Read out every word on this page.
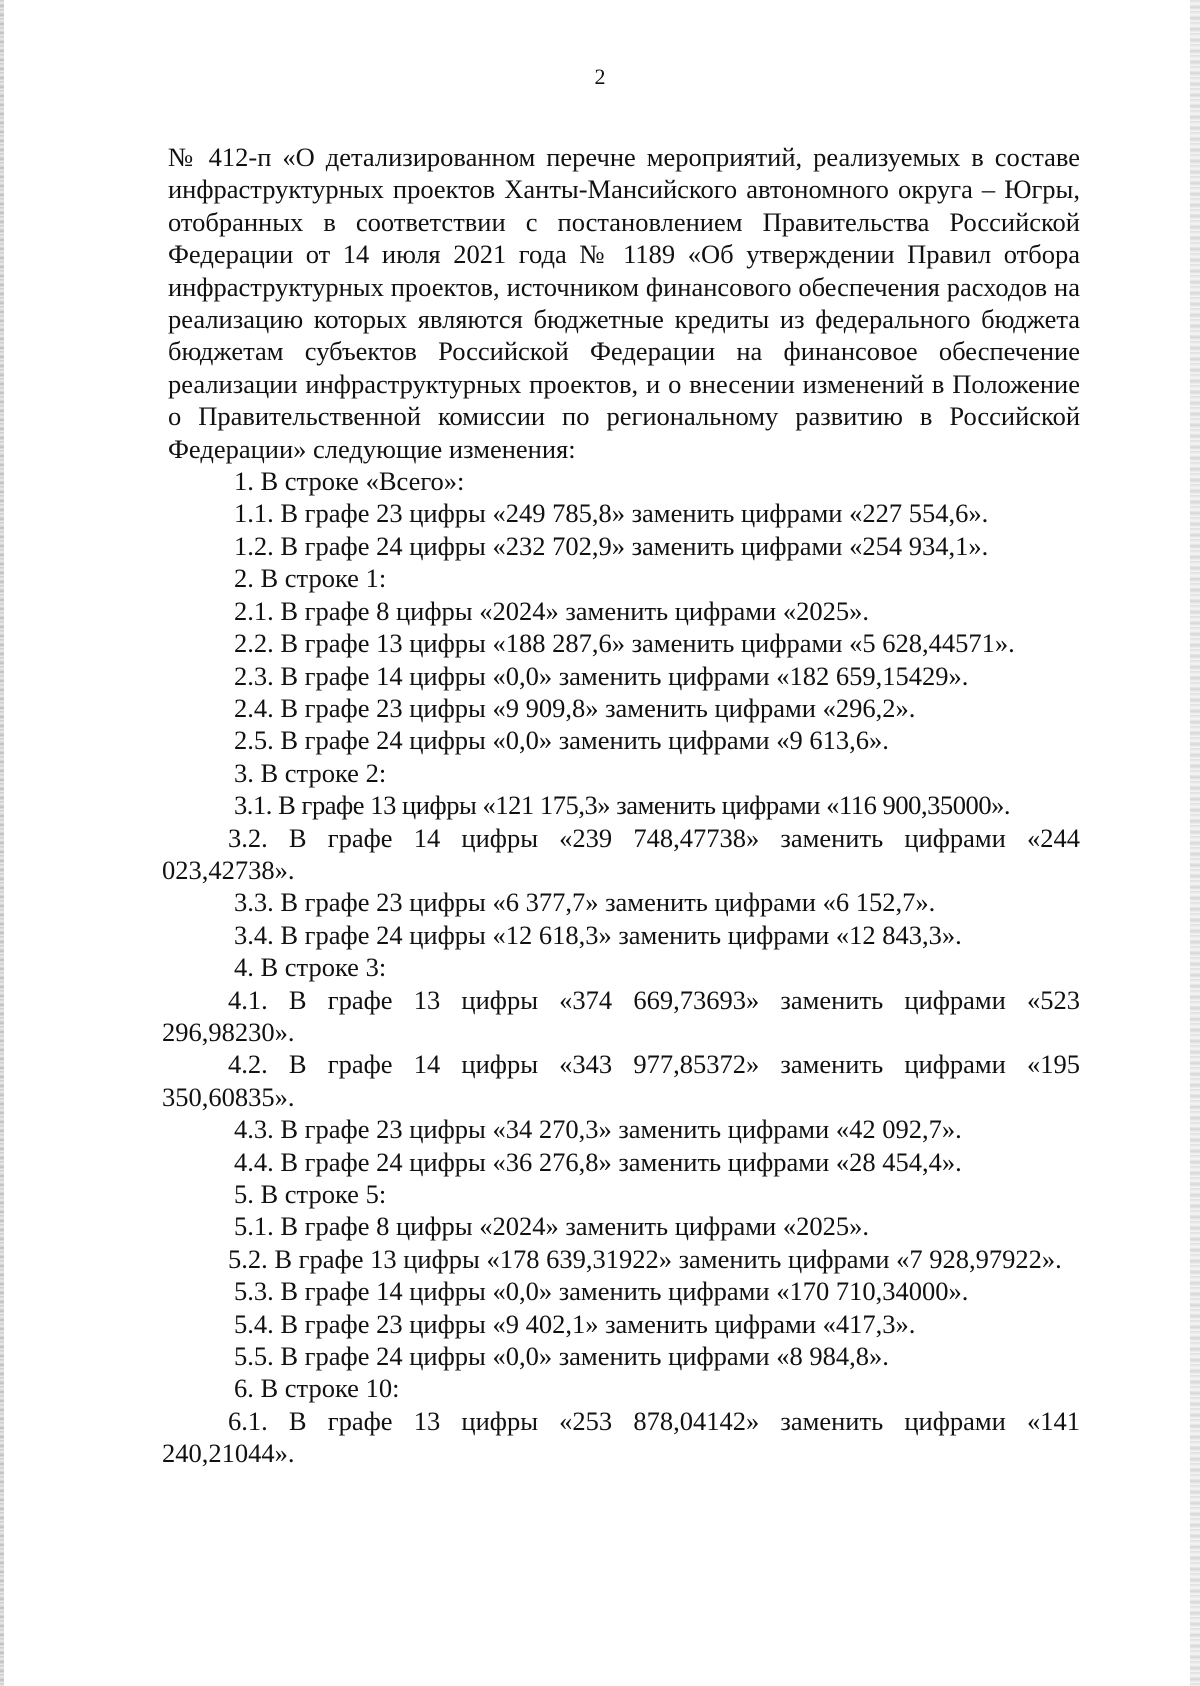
2
№ 412-п «О детализированном перечне мероприятий, реализуемых в составе инфраструктурных проектов Ханты-Мансийского автономного округа – Югры, отобранных в соответствии с постановлением Правительства Российской Федерации от 14 июля 2021 года № 1189 «Об утверждении Правил отбора инфраструктурных проектов, источником финансового обеспечения расходов на реализацию которых являются бюджетные кредиты из федерального бюджета бюджетам субъектов Российской Федерации на финансовое обеспечение реализации инфраструктурных проектов, и о внесении изменений в Положение о Правительственной комиссии по региональному развитию в Российской Федерации» следующие изменения:
1. В строке «Всего»:
1.1. В графе 23 цифры «249 785,8» заменить цифрами «227 554,6».
1.2. В графе 24 цифры «232 702,9» заменить цифрами «254 934,1».
2. В строке 1:
2.1. В графе 8 цифры «2024» заменить цифрами «2025».
2.2. В графе 13 цифры «188 287,6» заменить цифрами «5 628,44571».
2.3. В графе 14 цифры «0,0» заменить цифрами «182 659,15429».
2.4. В графе 23 цифры «9 909,8» заменить цифрами «296,2».
2.5. В графе 24 цифры «0,0» заменить цифрами «9 613,6».
3. В строке 2:
3.1. В графе 13 цифры «121 175,3» заменить цифрами «116 900,35000».
3.2. В графе 14 цифры «239 748,47738» заменить цифрами «244 023,42738».
3.3. В графе 23 цифры «6 377,7» заменить цифрами «6 152,7».
3.4. В графе 24 цифры «12 618,3» заменить цифрами «12 843,3».
4. В строке 3:
4.1. В графе 13 цифры «374 669,73693» заменить цифрами «523 296,98230».
4.2. В графе 14 цифры «343 977,85372» заменить цифрами «195 350,60835».
4.3. В графе 23 цифры «34 270,3» заменить цифрами «42 092,7».
4.4. В графе 24 цифры «36 276,8» заменить цифрами «28 454,4».
5. В строке 5:
5.1. В графе 8 цифры «2024» заменить цифрами «2025».
5.2. В графе 13 цифры «178 639,31922» заменить цифрами «7 928,97922».
5.3. В графе 14 цифры «0,0» заменить цифрами «170 710,34000».
5.4. В графе 23 цифры «9 402,1» заменить цифрами «417,3».
5.5. В графе 24 цифры «0,0» заменить цифрами «8 984,8».
6. В строке 10:
6.1. В графе 13 цифры «253 878,04142» заменить цифрами «141 240,21044».
